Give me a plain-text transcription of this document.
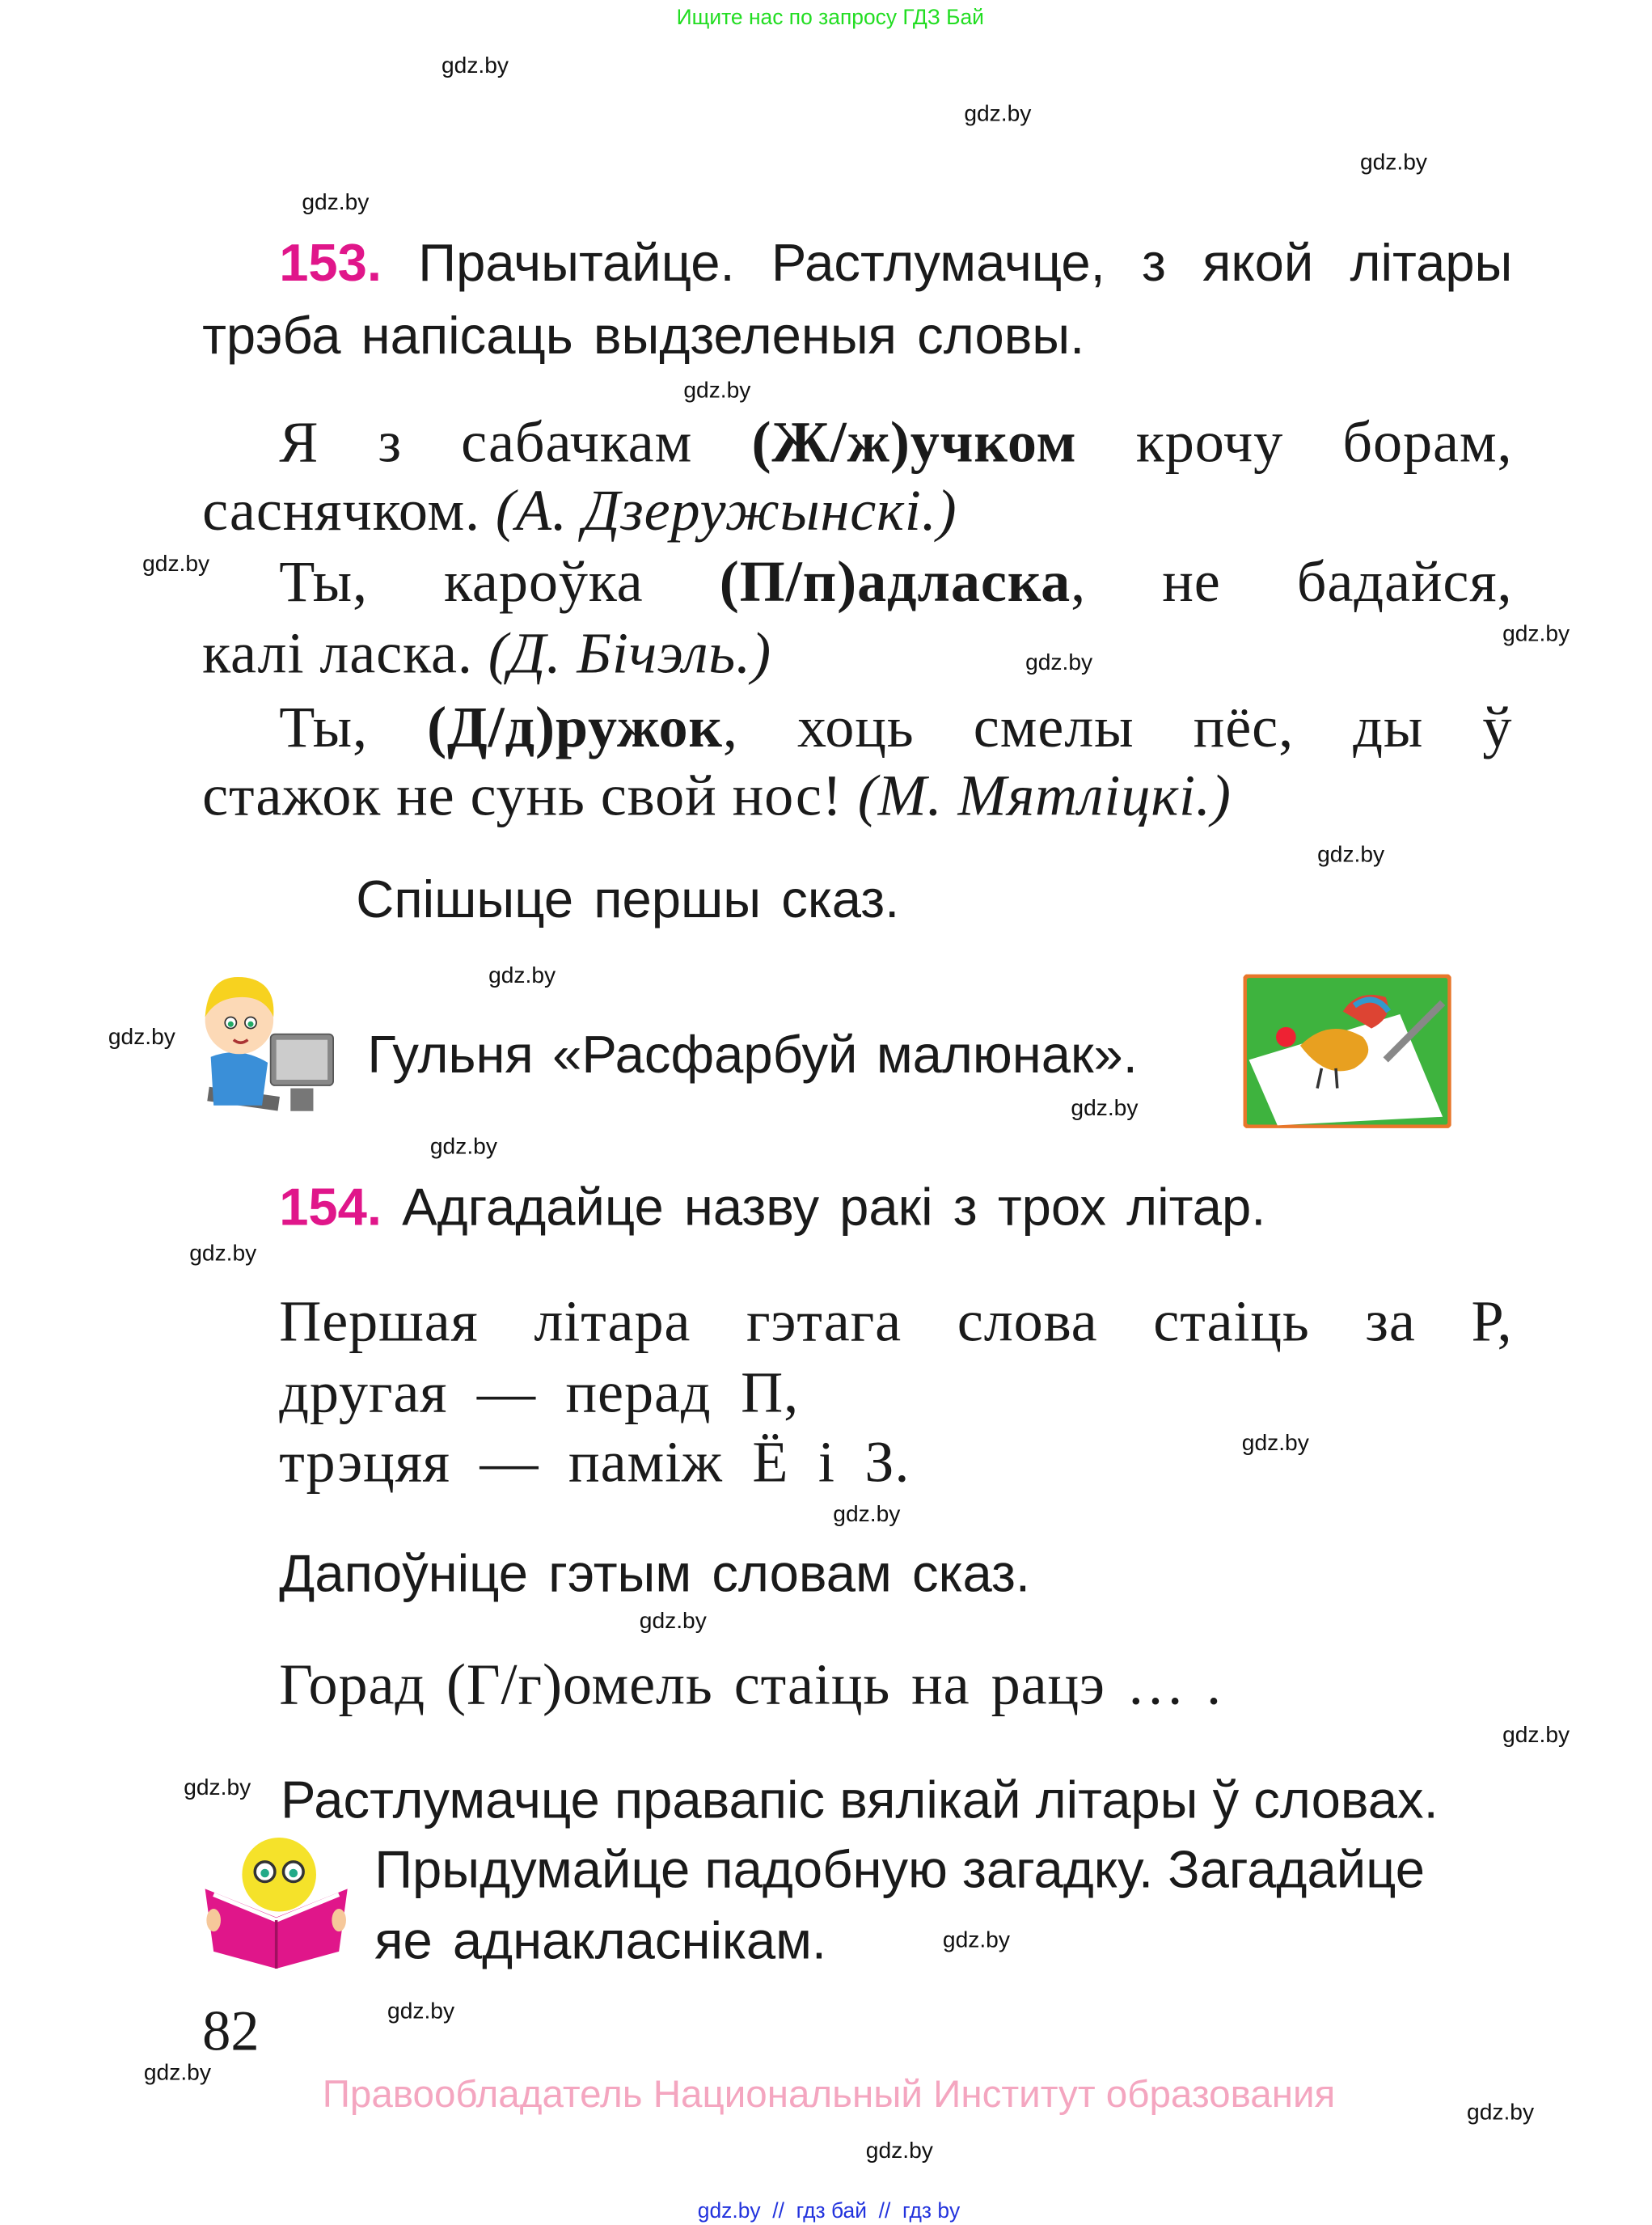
Ищите нас по запросу ГДЗ Бай
gdz.by
gdz.by
gdz.by
gdz.by
gdz.by
gdz.by
gdz.by
gdz.by
gdz.by
gdz.by
gdz.by
gdz.by
gdz.by
gdz.by
gdz.by
gdz.by
gdz.by
gdz.by
gdz.by
gdz.by
gdz.by
gdz.by
gdz.by
gdz.by
153. Прачытайце. Растлумачце, з якой літары
трэба напісаць выдзеленыя словы.
Я з сабачкам (Ж/ж)учком крочу борам,
саснячком. (А. Дзеружынскі.)
Ты, кароўка (П/п)адласка, не бадайся,
калі ласка. (Д. Бічэль.)
Ты, (Д/д)ружок, хоць смелы пёс, ды ў
стажок не сунь свой нос! (М. Мятліцкі.)
Спішыце першы сказ.
Гульня «Расфарбуй малюнак».
154. Адгадайце назву ракі з трох літар.
Першая літара гэтага слова стаіць за Р,
другая — перад П,
трэцяя — паміж Ё і З.
Дапоўніце гэтым словам сказ.
Горад (Г/г)омель стаіць на рацэ … .
Растлумачце правапіс вялікай літары ў словах.
Прыдумайце падобную загадку. Загадайце
яе аднакласнікам.
82
Правообладатель Национальный Институт образования
gdz.by  //  гдз бай  //  гдз by
